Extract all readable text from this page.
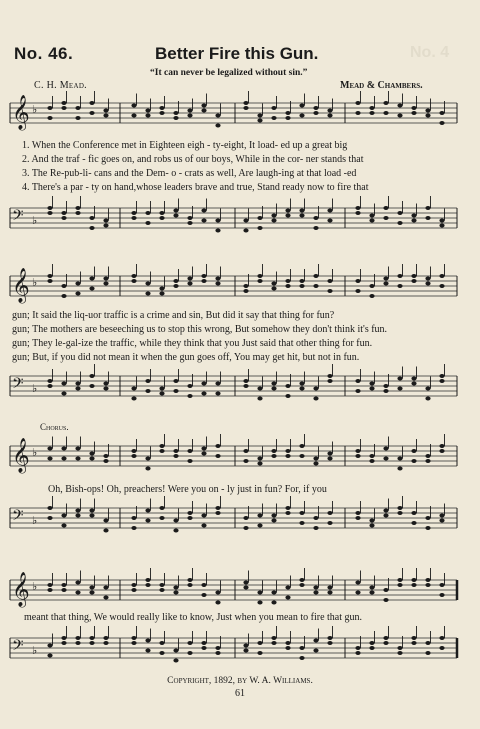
No. 4
No. 46.	Better Fire this Gun.
“It can never be legalized without sin.”
C. H. Mead.	Mead & Chambers.
𝄞 ♭
1. When the Conference met in Eighteen eigh - ty-eight, It load- ed up a great big
2. And the traf - fic goes on, and robs us of our boys, While in the cor- ner stands that
3. The Re-pub-li- cans and the Dem- o - crats as well, Are laugh-ing at that load -ed
4. There's a par - ty on hand,whose leaders brave and true, Stand ready now to fire that
𝄢 ♭
𝄞 ♭
gun; It said the liq-uor traffic is a crime and sin, But did it say that thing for fun?
gun; The mothers are beseeching us to stop this wrong, But somehow they don't think it's fun.
gun; They le-gal-ize the traffic, while they think that you Just said that other thing for fun.
gun; But, if you did not mean it when the gun goes off, You may get hit, but not in fun.
𝄢 ♭
Chorus.
𝄞 ♭
Oh, Bish-ops! Oh, preachers! Were you on - ly just in fun? For, if you
𝄢 ♭
𝄞 ♭
meant that thing, We would really like to know, Just when you mean to fire that gun.
𝄢 ♭
Copyright, 1892, by W. A. Williams.
61
